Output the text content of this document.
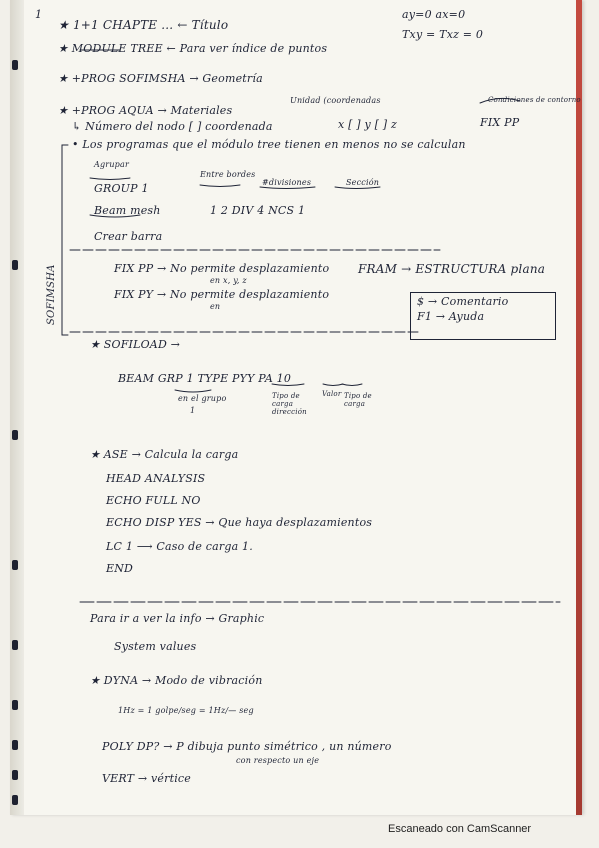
1
★ 1+1 CHAPTE ... ← Título
ay=0 ax=0
Txy = Txz = 0
★ MODULE TREE ← Para ver índice de puntos
★ +PROG SOFIMSHA → Geometría
★ +PROG AQUA → Materiales
Unidad (coordenadas	Condiciones de contorno
↳ Número del nodo [ ] coordenada	x [ ] y [ ] z	FIX PP
• Los programas que el módulo tree tienen en menos no se calculan
SOFIMSHA
Agrupar
Entre bordes
#divisiones	Sección
GROUP 1
Beam mesh	1 2 DIV 4 NCS 1
Crear barra
FIX PP → No permite desplazamiento
en x, y, z
FRAM → ESTRUCTURA plana
FIX PY → No permite desplazamiento
en	$ → Comentario
F1 → Ayuda
★ SOFILOAD →
BEAM GRP 1 TYPE PYY PA 10
en el grupo
1
Tipo de carga dirección
Valor Tipo de carga
★ ASE → Calcula la carga
HEAD ANALYSIS
ECHO FULL NO
ECHO DISP YES → Que haya desplazamientos
LC 1 ⟶ Caso de carga 1.
END
Para ir a ver la info → Graphic
System values
★ DYNA → Modo de vibración
1Hz = 1 golpe/seg = 1Hz/— seg
POLY DP? → P dibuja punto simétrico , un número
con respecto un eje
VERT → vértice
Escaneado con CamScanner
